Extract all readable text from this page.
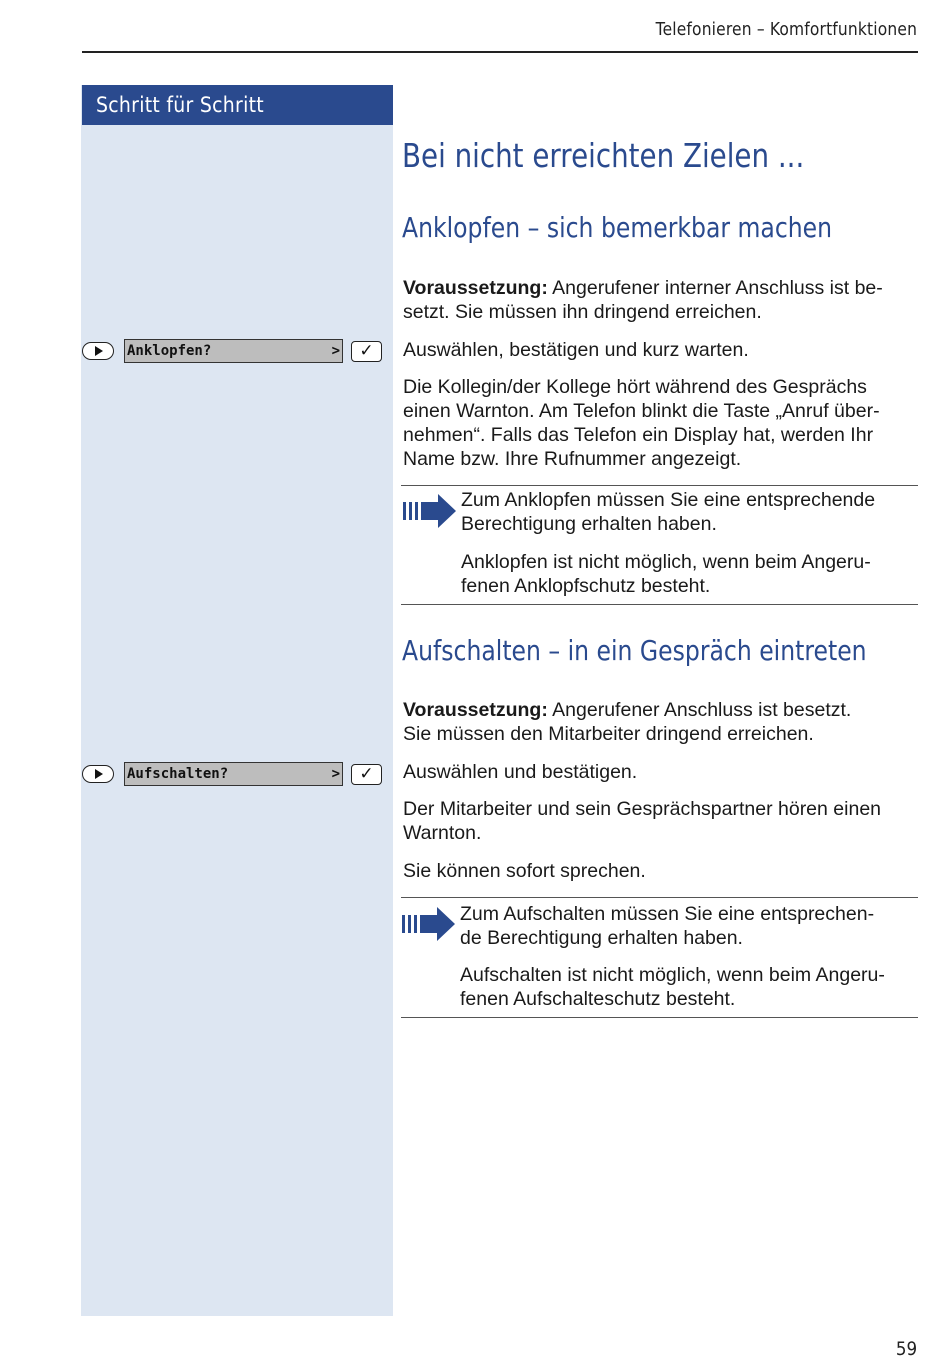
Telefonieren – Komfortfunktionen
Schritt für Schritt
Anklopfen?	>	✓
Aufschalten?	>	✓
Bei nicht erreichten Zielen ...
Anklopfen – sich bemerkbar machen
Voraussetzung: Angerufener interner Anschluss ist be-
setzt. Sie müssen ihn dringend erreichen.
Auswählen, bestätigen und kurz warten.
Die Kollegin/der Kollege hört während des Gesprächs
einen Warnton. Am Telefon blinkt die Taste „Anruf über-
nehmen“. Falls das Telefon ein Display hat, werden Ihr
Name bzw. Ihre Rufnummer angezeigt.
Zum Anklopfen müssen Sie eine entsprechende
Berechtigung erhalten haben.
Anklopfen ist nicht möglich, wenn beim Angeru-
fenen Anklopfschutz besteht.
Aufschalten – in ein Gespräch eintreten
Voraussetzung: Angerufener Anschluss ist besetzt.
Sie müssen den Mitarbeiter dringend erreichen.
Auswählen und bestätigen.
Der Mitarbeiter und sein Gesprächspartner hören einen
Warnton.
Sie können sofort sprechen.
Zum Aufschalten müssen Sie eine entsprechen-
de Berechtigung erhalten haben.
Aufschalten ist nicht möglich, wenn beim Angeru-
fenen Aufschalteschutz besteht.
59
